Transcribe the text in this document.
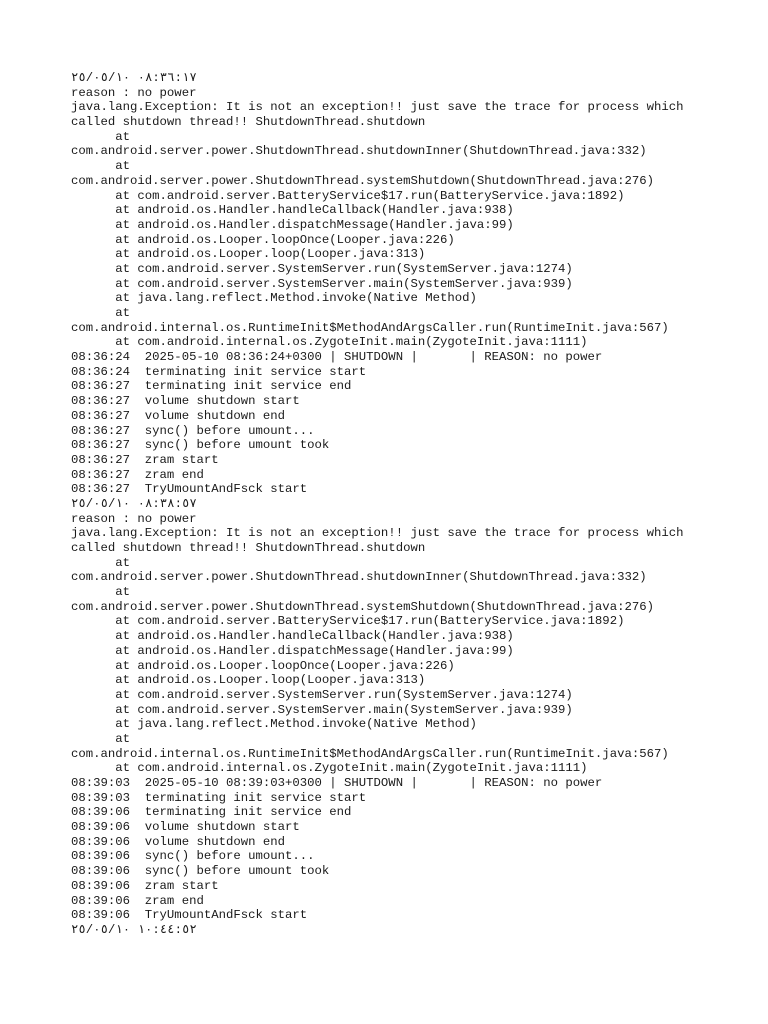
٠٨:٣٦:١٧ ٢٥/٠٥/١٠
reason : no power
java.lang.Exception: It is not an exception!! just save the trace for process which
called shutdown thread!! ShutdownThread.shutdown
at
com.android.server.power.ShutdownThread.shutdownInner(ShutdownThread.java:332)
at
com.android.server.power.ShutdownThread.systemShutdown(ShutdownThread.java:276)
at com.android.server.BatteryService$17.run(BatteryService.java:1892)
at android.os.Handler.handleCallback(Handler.java:938)
at android.os.Handler.dispatchMessage(Handler.java:99)
at android.os.Looper.loopOnce(Looper.java:226)
at android.os.Looper.loop(Looper.java:313)
at com.android.server.SystemServer.run(SystemServer.java:1274)
at com.android.server.SystemServer.main(SystemServer.java:939)
at java.lang.reflect.Method.invoke(Native Method)
at
com.android.internal.os.RuntimeInit$MethodAndArgsCaller.run(RuntimeInit.java:567)
at com.android.internal.os.ZygoteInit.main(ZygoteInit.java:1111)
08:36:24  2025-05-10 08:36:24+0300 | SHUTDOWN |       | REASON: no power
08:36:24  terminating init service start
08:36:27  terminating init service end
08:36:27  volume shutdown start
08:36:27  volume shutdown end
08:36:27  sync() before umount...
08:36:27  sync() before umount took
08:36:27  zram start
08:36:27  zram end
08:36:27  TryUmountAndFsck start
٠٨:٣٨:٥٧ ٢٥/٠٥/١٠
reason : no power
java.lang.Exception: It is not an exception!! just save the trace for process which
called shutdown thread!! ShutdownThread.shutdown
at
com.android.server.power.ShutdownThread.shutdownInner(ShutdownThread.java:332)
at
com.android.server.power.ShutdownThread.systemShutdown(ShutdownThread.java:276)
at com.android.server.BatteryService$17.run(BatteryService.java:1892)
at android.os.Handler.handleCallback(Handler.java:938)
at android.os.Handler.dispatchMessage(Handler.java:99)
at android.os.Looper.loopOnce(Looper.java:226)
at android.os.Looper.loop(Looper.java:313)
at com.android.server.SystemServer.run(SystemServer.java:1274)
at com.android.server.SystemServer.main(SystemServer.java:939)
at java.lang.reflect.Method.invoke(Native Method)
at
com.android.internal.os.RuntimeInit$MethodAndArgsCaller.run(RuntimeInit.java:567)
at com.android.internal.os.ZygoteInit.main(ZygoteInit.java:1111)
08:39:03  2025-05-10 08:39:03+0300 | SHUTDOWN |       | REASON: no power
08:39:03  terminating init service start
08:39:06  terminating init service end
08:39:06  volume shutdown start
08:39:06  volume shutdown end
08:39:06  sync() before umount...
08:39:06  sync() before umount took
08:39:06  zram start
08:39:06  zram end
08:39:06  TryUmountAndFsck start
١٠:٤٤:٥٢ ٢٥/٠٥/١٠
